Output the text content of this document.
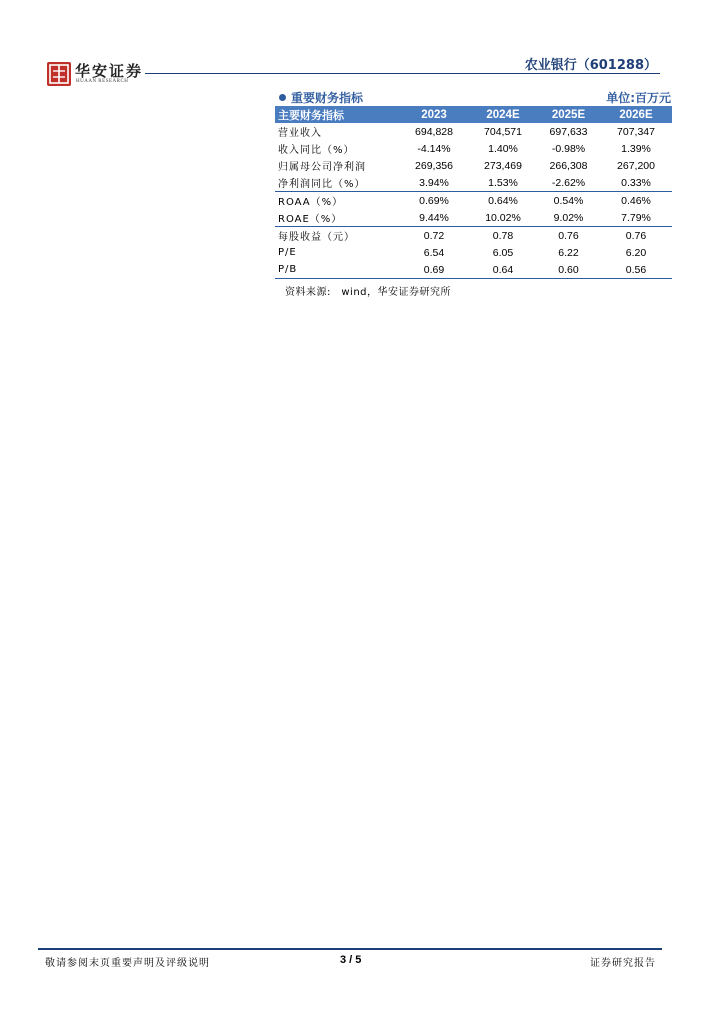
华安证券
HUAAN RESEARCH
农业银行（601288）
重要财务指标	单位:百万元
主要财务指标	2023	2024E	2025E	2026E
营业收入	694,828	704,571	697,633	707,347
收入同比（%）	-4.14%	1.40%	-0.98%	1.39%
归属母公司净利润	269,356	273,469	266,308	267,200
净利润同比（%）	3.94%	1.53%	-2.62%	0.33%
ROAA（%）	0.69%	0.64%	0.54%	0.46%
ROAE（%）	9.44%	10.02%	9.02%	7.79%
每股收益（元）	0.72	0.78	0.76	0.76
P/E	6.54	6.05	6.22	6.20
P/B	0.69	0.64	0.60	0.56
资料来源:　wind，华安证券研究所
敬请参阅末页重要声明及评级说明	3 / 5	证券研究报告
